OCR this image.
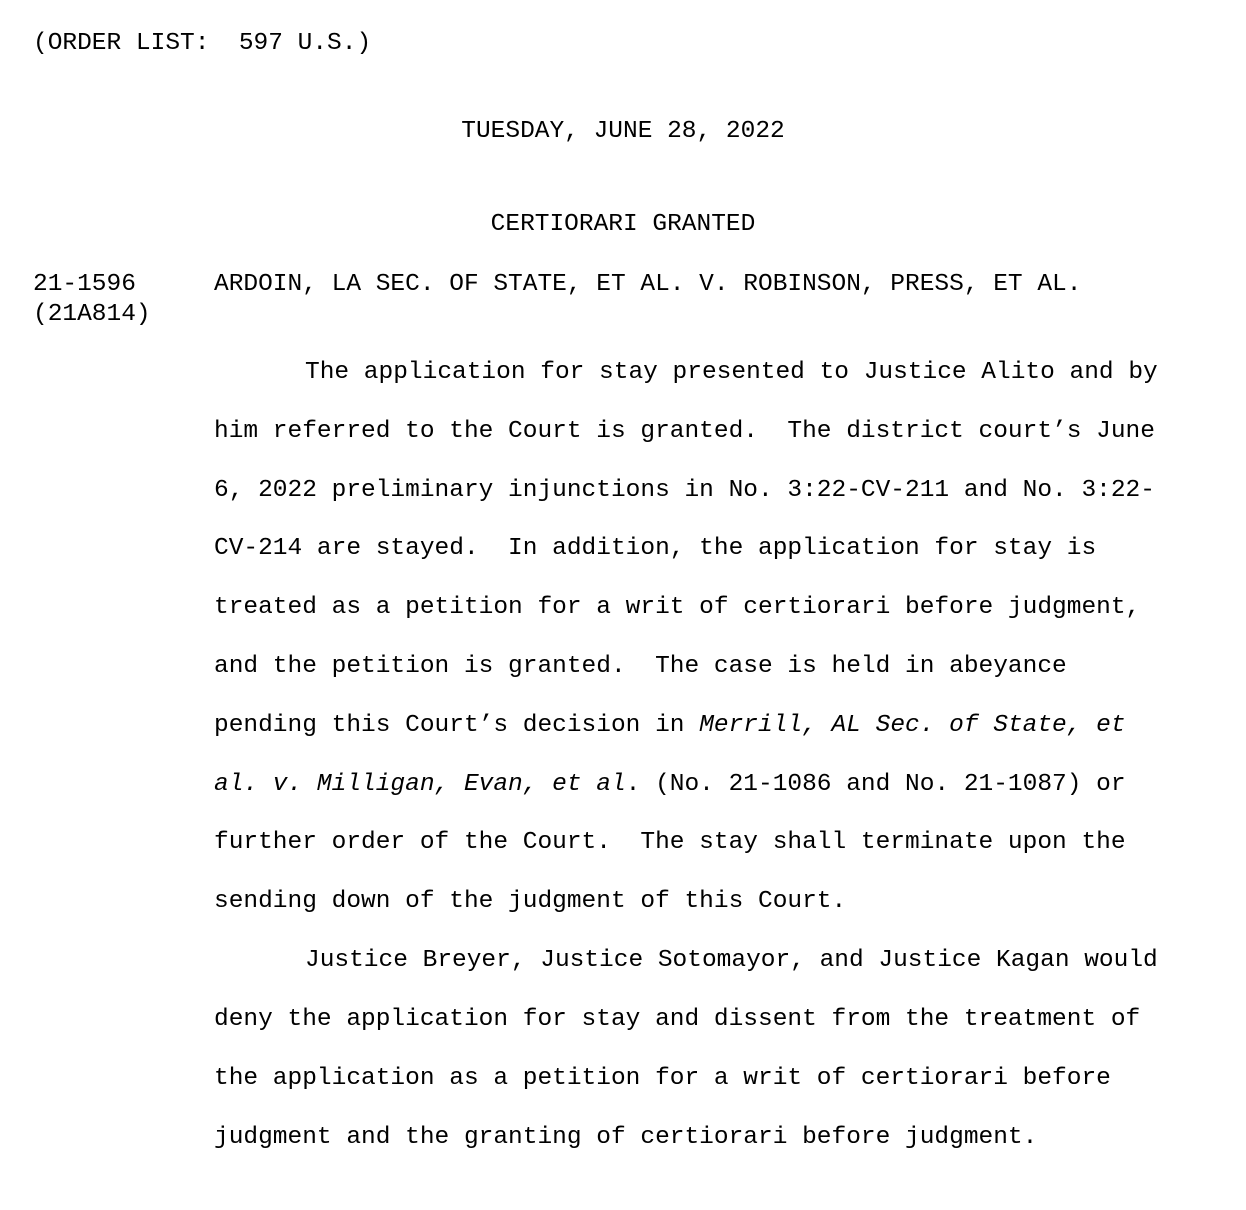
(ORDER LIST:  597 U.S.)
TUESDAY, JUNE 28, 2022
CERTIORARI GRANTED
21-1596
(21A814)
ARDOIN, LA SEC. OF STATE, ET AL. V. ROBINSON, PRESS, ET AL.
The application for stay presented to Justice Alito and by
him referred to the Court is granted.  The district court’s June
6, 2022 preliminary injunctions in No. 3:22-CV-211 and No. 3:22-
CV-214 are stayed.  In addition, the application for stay is
treated as a petition for a writ of certiorari before judgment,
and the petition is granted.  The case is held in abeyance
pending this Court’s decision in Merrill, AL Sec. of State, et
al. v. Milligan, Evan, et al. (No. 21-1086 and No. 21-1087) or
further order of the Court.  The stay shall terminate upon the
sending down of the judgment of this Court.
Justice Breyer, Justice Sotomayor, and Justice Kagan would
deny the application for stay and dissent from the treatment of
the application as a petition for a writ of certiorari before
judgment and the granting of certiorari before judgment.
